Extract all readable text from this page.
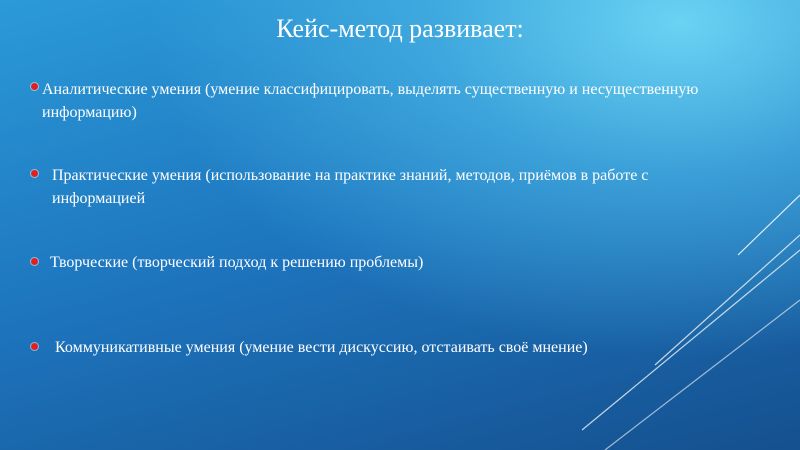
Кейс-метод развивает:
Аналитические умения (умение классифицировать, выделять существенную и несущественную информацию)
Практические умения (использование на практике знаний, методов, приёмов в работе с информацией
Творческие (творческий подход к решению проблемы)
Коммуникативные умения (умение вести дискуссию, отстаивать своё мнение)
